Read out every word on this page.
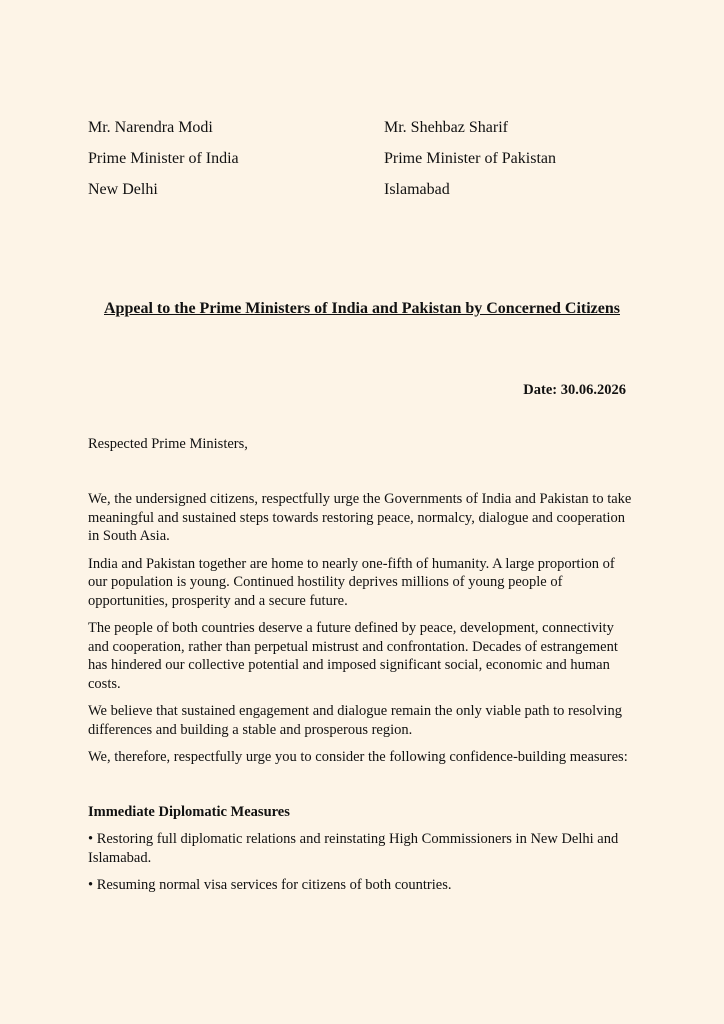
Mr. Narendra Modi
Prime Minister of India
New Delhi
Mr. Shehbaz Sharif
Prime Minister of Pakistan
Islamabad
Appeal to the Prime Ministers of India and Pakistan by Concerned Citizens
Date: 30.06.2026
Respected Prime Ministers,

We, the undersigned citizens, respectfully urge the Governments of India and Pakistan to take meaningful and sustained steps towards restoring peace, normalcy, dialogue and cooperation in South Asia.

India and Pakistan together are home to nearly one-fifth of humanity. A large proportion of our population is young. Continued hostility deprives millions of young people of opportunities, prosperity and a secure future.

The people of both countries deserve a future defined by peace, development, connectivity and cooperation, rather than perpetual mistrust and confrontation. Decades of estrangement has hindered our collective potential and imposed significant social, economic and human costs.

We believe that sustained engagement and dialogue remain the only viable path to resolving differences and building a stable and prosperous region.

We, therefore, respectfully urge you to consider the following confidence-building measures:

Immediate Diplomatic Measures

• Restoring full diplomatic relations and reinstating High Commissioners in New Delhi and Islamabad.

• Resuming normal visa services for citizens of both countries.
